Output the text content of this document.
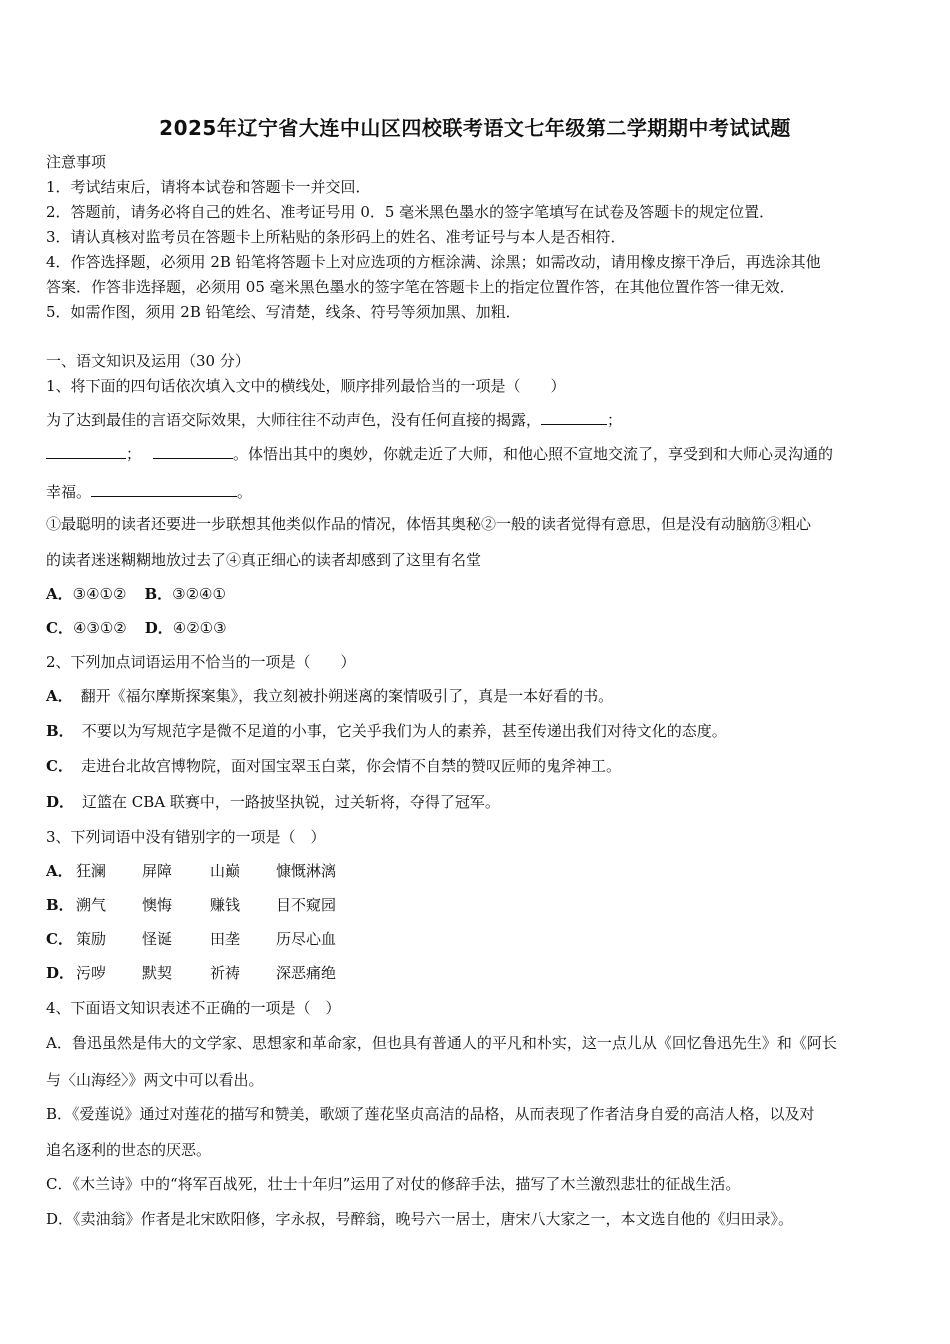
2025年辽宁省大连中山区四校联考语文七年级第二学期期中考试试题
注意事项
1．考试结束后，请将本试卷和答题卡一并交回．
2．答题前，请务必将自己的姓名、准考证号用 0．5 毫米黑色墨水的签字笔填写在试卷及答题卡的规定位置．
3．请认真核对监考员在答题卡上所粘贴的条形码上的姓名、准考证号与本人是否相符．
4．作答选择题，必须用 2B 铅笔将答题卡上对应选项的方框涂满、涂黑；如需改动，请用橡皮擦干净后，再选涂其他
答案．作答非选择题，必须用 05 毫米黑色墨水的签字笔在答题卡上的指定位置作答，在其他位置作答一律无效．
5．如需作图，须用 2B 铅笔绘、写清楚，线条、符号等须加黑、加粗．
一、语文知识及运用（30 分）
1、将下面的四句话依次填入文中的横线处，顺序排列最恰当的一项是（　　）
为了达到最佳的言语交际效果，大师往往不动声色，没有任何直接的揭露，	；
；	。体悟出其中的奥妙，你就走近了大师，和他心照不宣地交流了，享受到和大师心灵沟通的
幸福。	。
①最聪明的读者还要进一步联想其他类似作品的情况，体悟其奥秘②一般的读者觉得有意思，但是没有动脑筋③粗心
的读者迷迷糊糊地放过去了④真正细心的读者却感到了这里有名堂
A．③④①② B．③②④①
C．④③①② D．④②①③
2、下列加点词语运用不恰当的一项是（　　）
A． 翻开《福尔摩斯探案集》，我立刻被扑朔迷离的案情吸引了，真是一本好看的书。
B． 不要以为写规范字是微不足道的小事，它关乎我们为人的素养，甚至传递出我们对待文化的态度。
C． 走进台北故宫博物院，面对国宝翠玉白菜，你会情不自禁的赞叹匠师的鬼斧神工。
D． 辽篮在 CBA 联赛中，一路披坚执锐，过关斩将，夺得了冠军。
3、下列词语中没有错别字的一项是（　）
A． 狂澜 屏障	山巅 慷慨淋漓
B． 溯气 懊悔	赚钱 目不窥园
C． 策励 怪诞	田垄 历尽心血
D． 污哕 默契	祈祷 深恶痛绝
4、下面语文知识表述不正确的一项是（　）
A．鲁迅虽然是伟大的文学家、思想家和革命家，但也具有普通人的平凡和朴实，这一点儿从《回忆鲁迅先生》和《阿长
与〈山海经〉》两文中可以看出。
B．《爱莲说》通过对莲花的描写和赞美，歌颂了莲花坚贞高洁的品格，从而表现了作者洁身自爱的高洁人格，以及对
追名逐利的世态的厌恶。
C．《木兰诗》中的“将军百战死，壮士十年归”运用了对仗的修辞手法，描写了木兰激烈悲壮的征战生活。
D．《卖油翁》作者是北宋欧阳修，字永叔，号醉翁，晚号六一居士，唐宋八大家之一，本文选自他的《归田录》。
